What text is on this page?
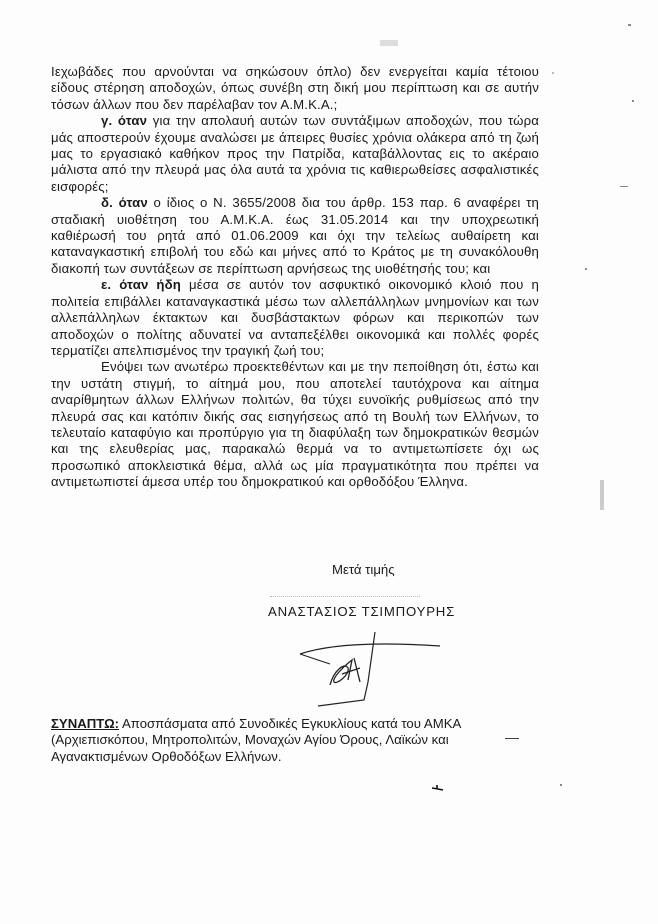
Ιεχωβάδες που αρνούνται να σηκώσουν όπλο) δεν ενεργείται καμία τέτοιου είδους στέρηση αποδοχών, όπως συνέβη στη δική μου περίπτωση και σε αυτήν τόσων άλλων που δεν παρέλαβαν τον Α.Μ.Κ.Α.;

γ. όταν για την απολαυή αυτών των συντάξιμων αποδοχών, που τώρα μάς αποστερούν έχουμε αναλώσει με άπειρες θυσίες χρόνια ολάκερα από τη ζωή μας το εργασιακό καθήκον προς την Πατρίδα, καταβάλλοντας εις το ακέραιο μάλιστα από την πλευρά μας όλα αυτά τα χρόνια τις καθιερωθείσες ασφαλιστικές εισφορές;

δ. όταν ο ίδιος ο Ν. 3655/2008 δια του άρθρ. 153 παρ. 6 αναφέρει τη σταδιακή υιοθέτηση του Α.Μ.Κ.Α. έως 31.05.2014 και την υποχρεωτική καθιέρωσή του ρητά από 01.06.2009 και όχι την τελείως αυθαίρετη και καταναγκαστική επιβολή του εδώ και μήνες από το Κράτος με τη συνακόλουθη διακοπή των συντάξεων σε περίπτωση αρνήσεως της υιοθέτησής του; και

ε. όταν ήδη μέσα σε αυτόν τον ασφυκτικό οικονομικό κλοιό που η πολιτεία επιβάλλει καταναγκαστικά μέσω των αλλεπάλληλων μνημονίων και των αλλεπάλληλων έκτακτων και δυσβάστακτων φόρων και περικοπών των αποδοχών ο πολίτης αδυνατεί να ανταπεξέλθει οικονομικά και πολλές φορές τερματίζει απελπισμένος την τραγική ζωή του;

Ενόψει των ανωτέρω προεκτεθέντων και με την πεποίθηση ότι, έστω και την υστάτη στιγμή, το αίτημά μου, που αποτελεί ταυτόχρονα και αίτημα αναρίθμητων άλλων Ελλήνων πολιτών, θα τύχει ευνοϊκής ρυθμίσεως από την πλευρά σας και κατόπιν δικής σας εισηγήσεως από τη Βουλή των Ελλήνων, το τελευταίο καταφύγιο και προπύργιο για τη διαφύλαξη των δημοκρατικών θεσμών και της ελευθερίας μας, παρακαλώ θερμά να το αντιμετωπίσετε όχι ως προσωπικό αποκλειστικά θέμα, αλλά ως μία πραγματικότητα που πρέπει να αντιμετωπιστεί άμεσα υπέρ του δημοκρατικού και ορθοδόξου Έλληνα.

Μετά τιμής
ΑΝΑΣΤΑΣΙΟΣ ΤΣΙΜΠΟΥΡΗΣ
ΣΥΝΑΠΤΩ: Αποσπάσματα από Συνοδικές Εγκυκλίους κατά του ΑΜΚΑ (Αρχιεπισκόπου, Μητροπολιτών, Μοναχών Αγίου Όρους, Λαϊκών και Αγανακτισμένων Ορθοδόξων Ελλήνων.
